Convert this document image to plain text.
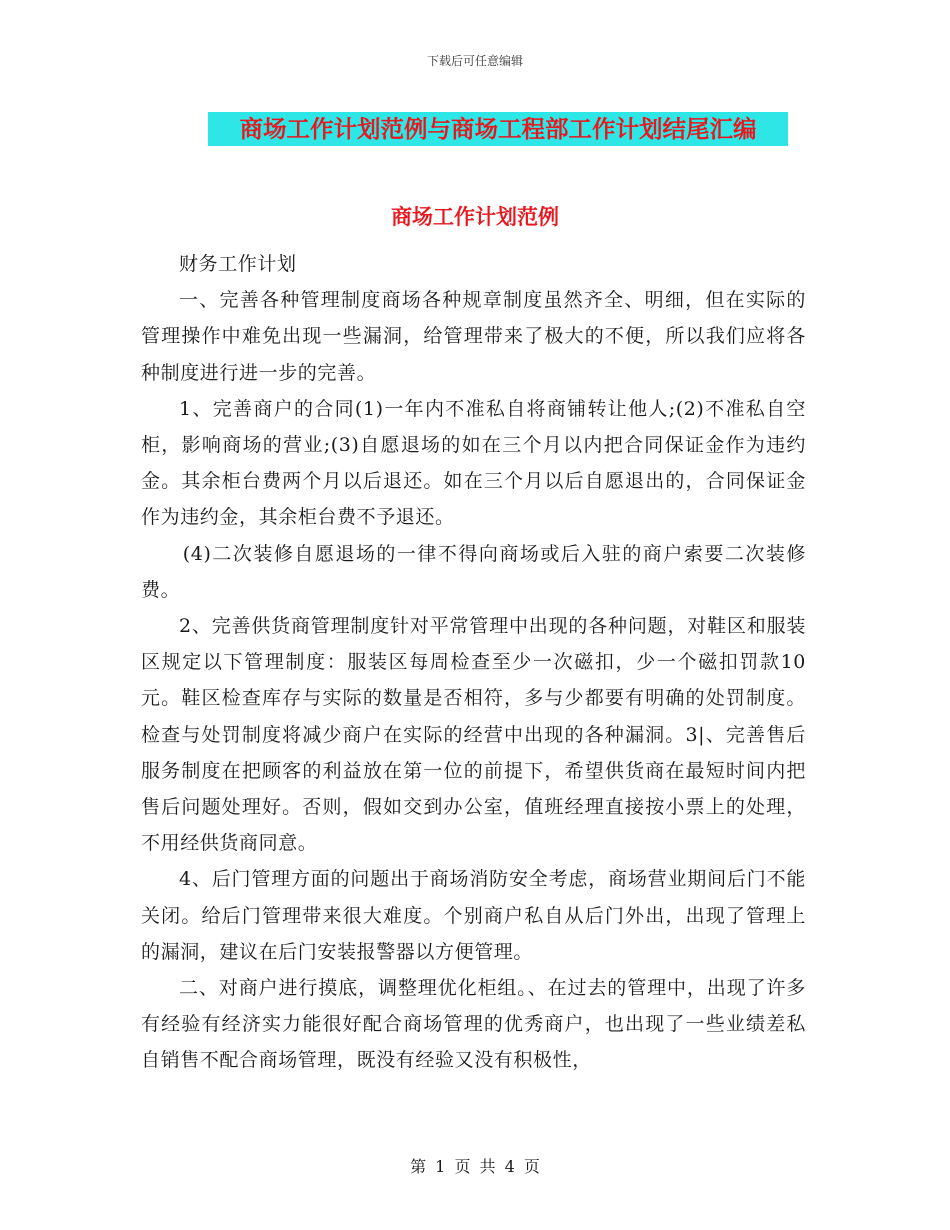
下载后可任意编辑
商场工作计划范例与商场工程部工作计划结尾汇编
商场工作计划范例

财务工作计划

一、完善各种管理制度商场各种规章制度虽然齐全、明细，但在实际的管理操作中难免出现一些漏洞，给管理带来了极大的不便，所以我们应将各种制度进行进一步的完善。

1、完善商户的合同(1)一年内不准私自将商铺转让他人;(2)不准私自空柜，影响商场的营业;(3)自愿退场的如在三个月以内把合同保证金作为违约金。其余柜台费两个月以后退还。如在三个月以后自愿退出的，合同保证金作为违约金，其余柜台费不予退还。

(4)二次装修自愿退场的一律不得向商场或后入驻的商户索要二次装修费。

2、完善供货商管理制度针对平常管理中出现的各种问题，对鞋区和服装区规定以下管理制度：服装区每周检查至少一次磁扣，少一个磁扣罚款10元。鞋区检查库存与实际的数量是否相符，多与少都要有明确的处罚制度。检查与处罚制度将减少商户在实际的经营中出现的各种漏洞。3|、完善售后服务制度在把顾客的利益放在第一位的前提下，希望供货商在最短时间内把售后问题处理好。否则，假如交到办公室，值班经理直接按小票上的处理，不用经供货商同意。

4、后门管理方面的问题出于商场消防安全考虑，商场营业期间后门不能关闭。给后门管理带来很大难度。个别商户私自从后门外出，出现了管理上的漏洞，建议在后门安装报警器以方便管理。

二、对商户进行摸底，调整理优化柜组。、在过去的管理中，出现了许多有经验有经济实力能很好配合商场管理的优秀商户，也出现了一些业绩差私自销售不配合商场管理，既没有经验又没有积极性，

第 1 页 共 4 页
